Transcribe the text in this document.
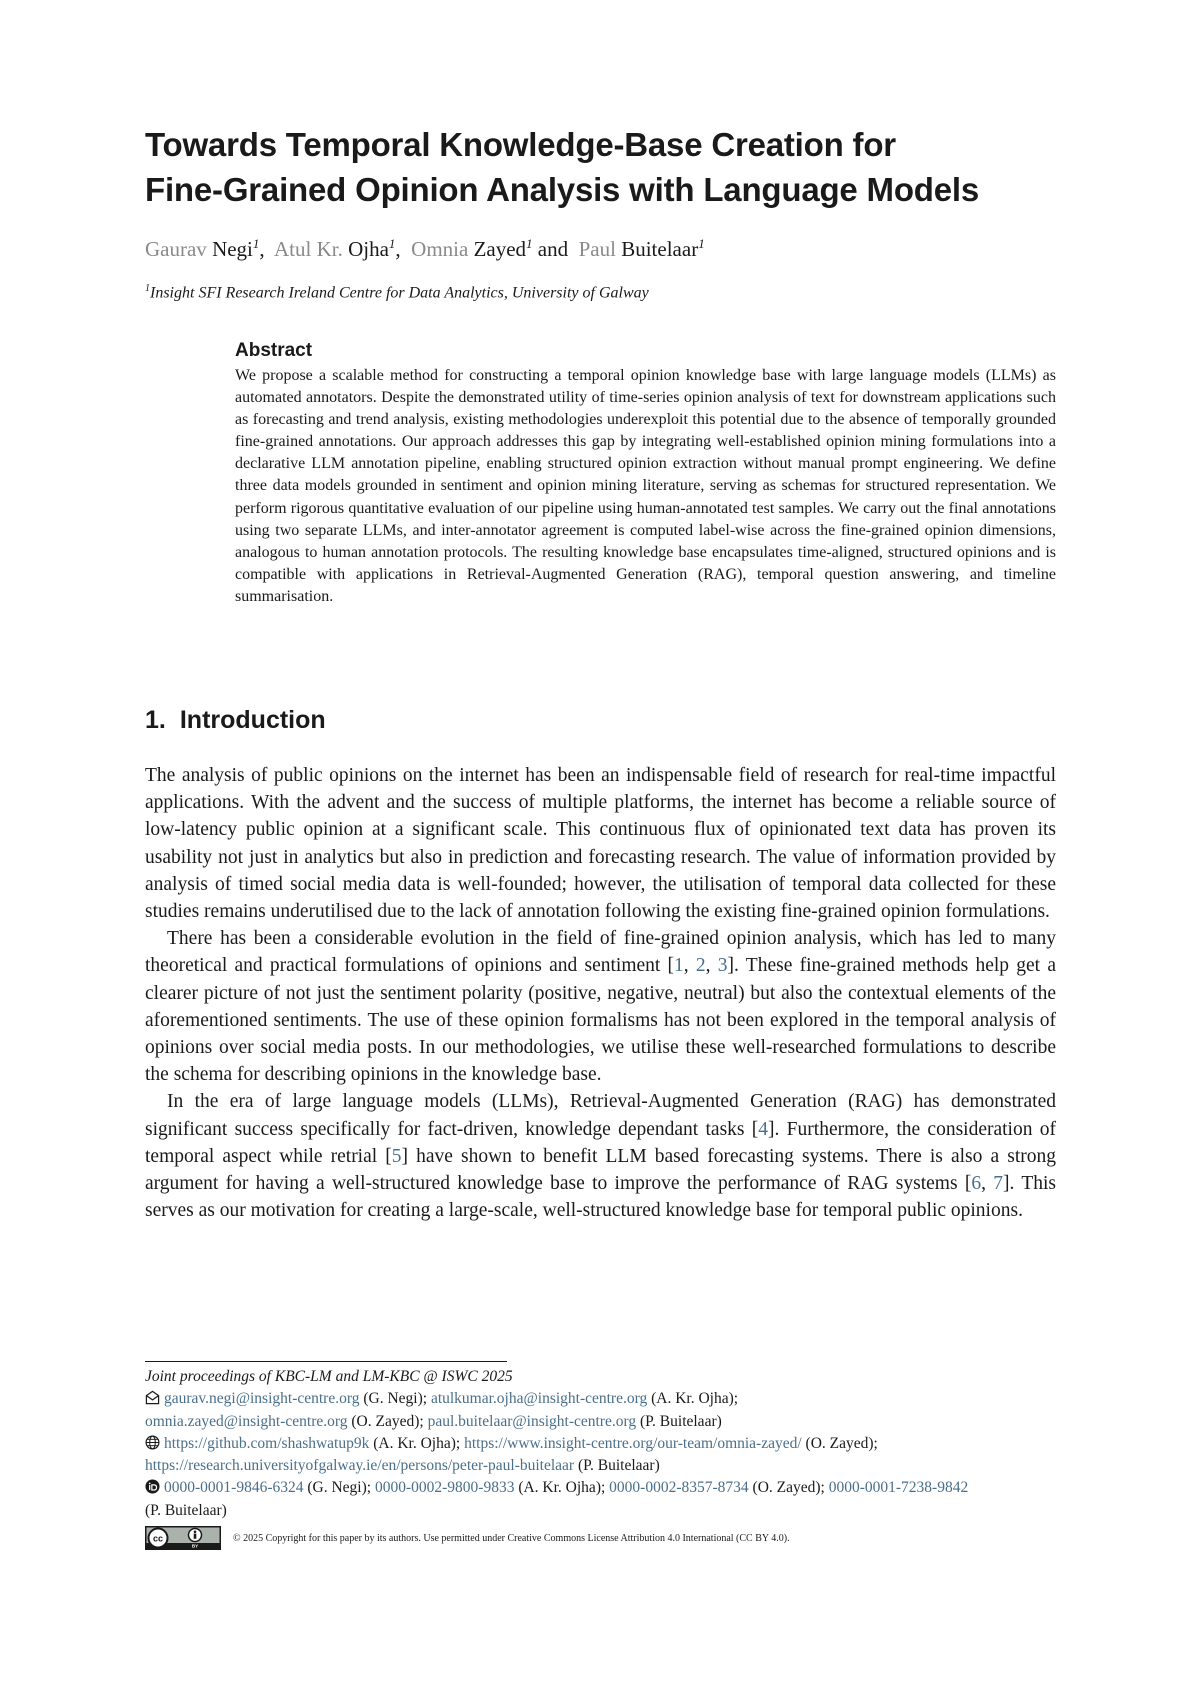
Towards Temporal Knowledge-Base Creation for
Fine-Grained Opinion Analysis with Language Models
Gaurav Negi$^1$, Atul Kr. Ojha$^1$, Omnia Zayed$^1$ and Paul Buitelaar$^1$
$^1$Insight SFI Research Ireland Centre for Data Analytics, University of Galway
Abstract

We propose a scalable method for constructing a temporal opinion knowledge base with large language models (LLMs) as automated annotators. Despite the demonstrated utility of time-series opinion analysis of text for downstream applications such as forecasting and trend analysis, existing methodologies underexploit this potential due to the absence of temporally grounded fine-grained annotations. Our approach addresses this gap by integrating well-established opinion mining formulations into a declarative LLM annotation pipeline, enabling structured opinion extraction without manual prompt engineering. We define three data models grounded in sentiment and opinion mining literature, serving as schemas for structured representation. We perform rigorous quantitative evaluation of our pipeline using human-annotated test samples. We carry out the final annotations using two separate LLMs, and inter-annotator agreement is computed label-wise across the fine-grained opinion dimensions, analogous to human annotation protocols. The resulting knowledge base encapsulates time-aligned, structured opinions and is compatible with applications in Retrieval-Augmented Generation (RAG), temporal question answering, and timeline summarisation.

1. Introduction

The analysis of public opinions on the internet has been an indispensable field of research for real-time impactful applications. With the advent and the success of multiple platforms, the internet has become a reliable source of low-latency public opinion at a significant scale. This continuous flux of opinionated text data has proven its usability not just in analytics but also in prediction and forecasting research. The value of information provided by analysis of timed social media data is well-founded; however, the utilisation of temporal data collected for these studies remains underutilised due to the lack of annotation following the existing fine-grained opinion formulations.

There has been a considerable evolution in the field of fine-grained opinion analysis, which has led to many theoretical and practical formulations of opinions and sentiment [1, 2, 3]. These fine-grained methods help get a clearer picture of not just the sentiment polarity (positive, negative, neutral) but also the contextual elements of the aforementioned sentiments. The use of these opinion formalisms has not been explored in the temporal analysis of opinions over social media posts. In our methodologies, we utilise these well-researched formulations to describe the schema for describing opinions in the knowledge base.

In the era of large language models (LLMs), Retrieval-Augmented Generation (RAG) has demonstrated significant success specifically for fact-driven, knowledge dependant tasks [4]. Furthermore, the consideration of temporal aspect while retrial [5] have shown to benefit LLM based forecasting systems. There is also a strong argument for having a well-structured knowledge base to improve the performance of RAG systems [6, 7]. This serves as our motivation for creating a large-scale, well-structured knowledge base for temporal public opinions.

Joint proceedings of KBC-LM and LM-KBC @ ISWC 2025
gaurav.negi@insight-centre.org (G. Negi); atulkumar.ojha@insight-centre.org (A. Kr. Ojha);
omnia.zayed@insight-centre.org (O. Zayed); paul.buitelaar@insight-centre.org (P. Buitelaar)
https://github.com/shashwatup9k (A. Kr. Ojha); https://www.insight-centre.org/our-team/omnia-zayed/ (O. Zayed);
https://research.universityofgalway.ie/en/persons/peter-paul-buitelaar (P. Buitelaar)
0000-0001-9846-6324 (G. Negi); 0000-0002-9800-9833 (A. Kr. Ojha); 0000-0002-8357-8734 (O. Zayed); 0000-0001-7238-9842
(P. Buitelaar)
cc
BY
© 2025 Copyright for this paper by its authors. Use permitted under Creative Commons License Attribution 4.0 International (CC BY 4.0).
